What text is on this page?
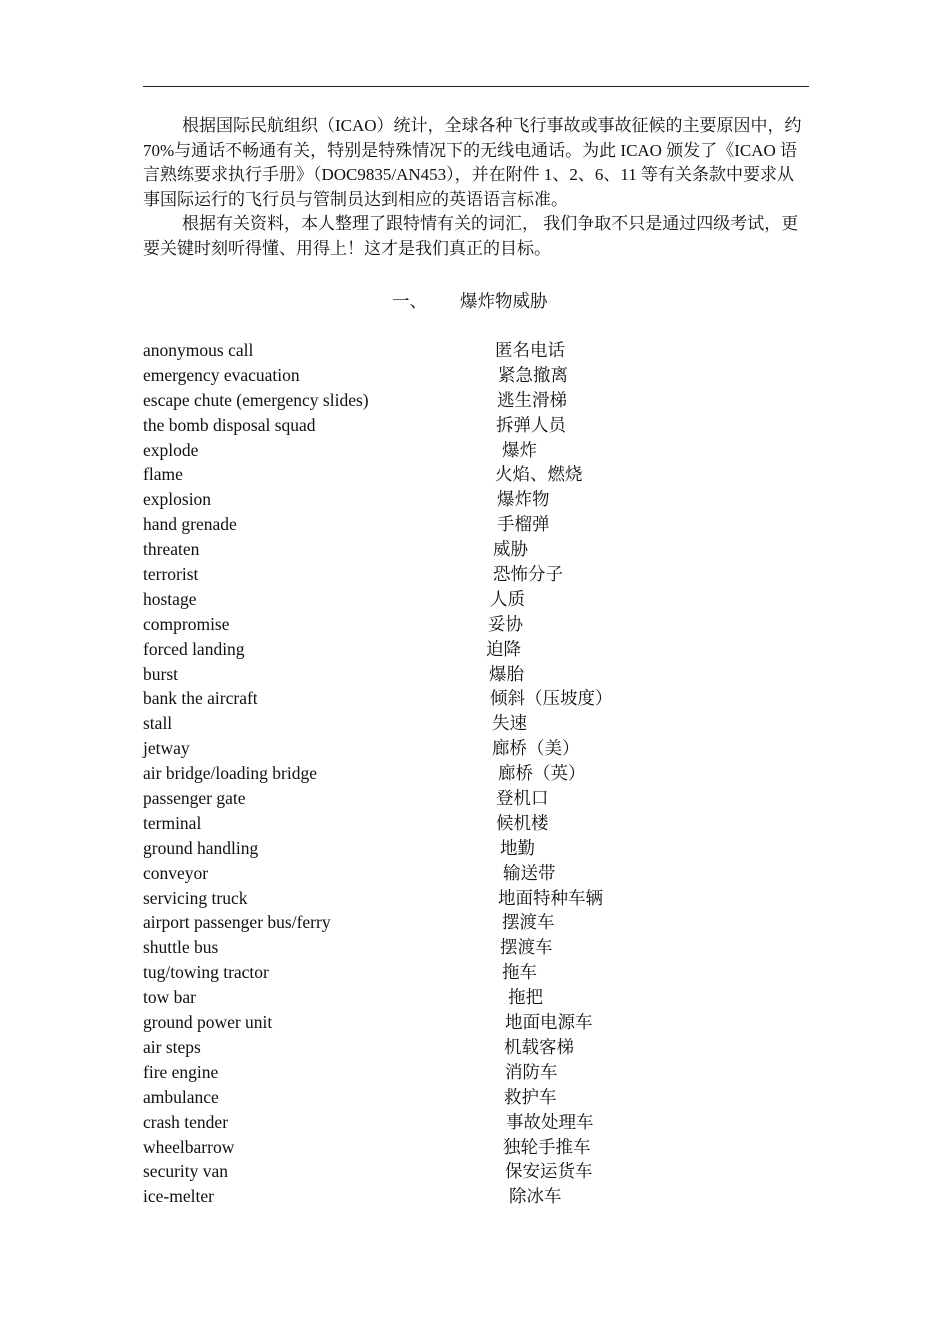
根据国际民航组织（ICAO）统计，全球各种飞行事故或事故征候的主要原因中，约 70%与通话不畅通有关，特别是特殊情况下的无线电通话。为此 ICAO 颁发了《ICAO 语言熟练要求执行手册》（DOC9835/AN453），并在附件 1、2、6、11 等有关条款中要求从事国际运行的飞行员与管制员达到相应的英语语言标准。

根据有关资料，本人整理了跟特情有关的词汇， 我们争取不只是通过四级考试，更要关键时刻听得懂、用得上！这才是我们真正的目标。

一、 爆炸物威胁
anonymous call	匿名电话
emergency evacuation	紧急撤离
escape chute (emergency slides)	逃生滑梯
the bomb disposal squad	拆弹人员
explode	爆炸
flame	火焰、燃烧
explosion	爆炸物
hand grenade	手榴弹
threaten	威胁
terrorist	恐怖分子
hostage	人质
compromise	妥协
forced landing	迫降
burst	爆胎
bank the aircraft	倾斜（压坡度）
stall	失速
jetway	廊桥（美）
air bridge/loading bridge	廊桥（英）
passenger gate	登机口
terminal	候机楼
ground handling	地勤
conveyor	输送带
servicing truck	地面特种车辆
airport passenger bus/ferry	摆渡车
shuttle bus	摆渡车
tug/towing tractor	拖车
tow bar	拖把
ground power unit	地面电源车
air steps	机载客梯
fire engine	消防车
ambulance	救护车
crash tender	事故处理车
wheelbarrow	独轮手推车
security van	保安运货车
ice-melter	除冰车
